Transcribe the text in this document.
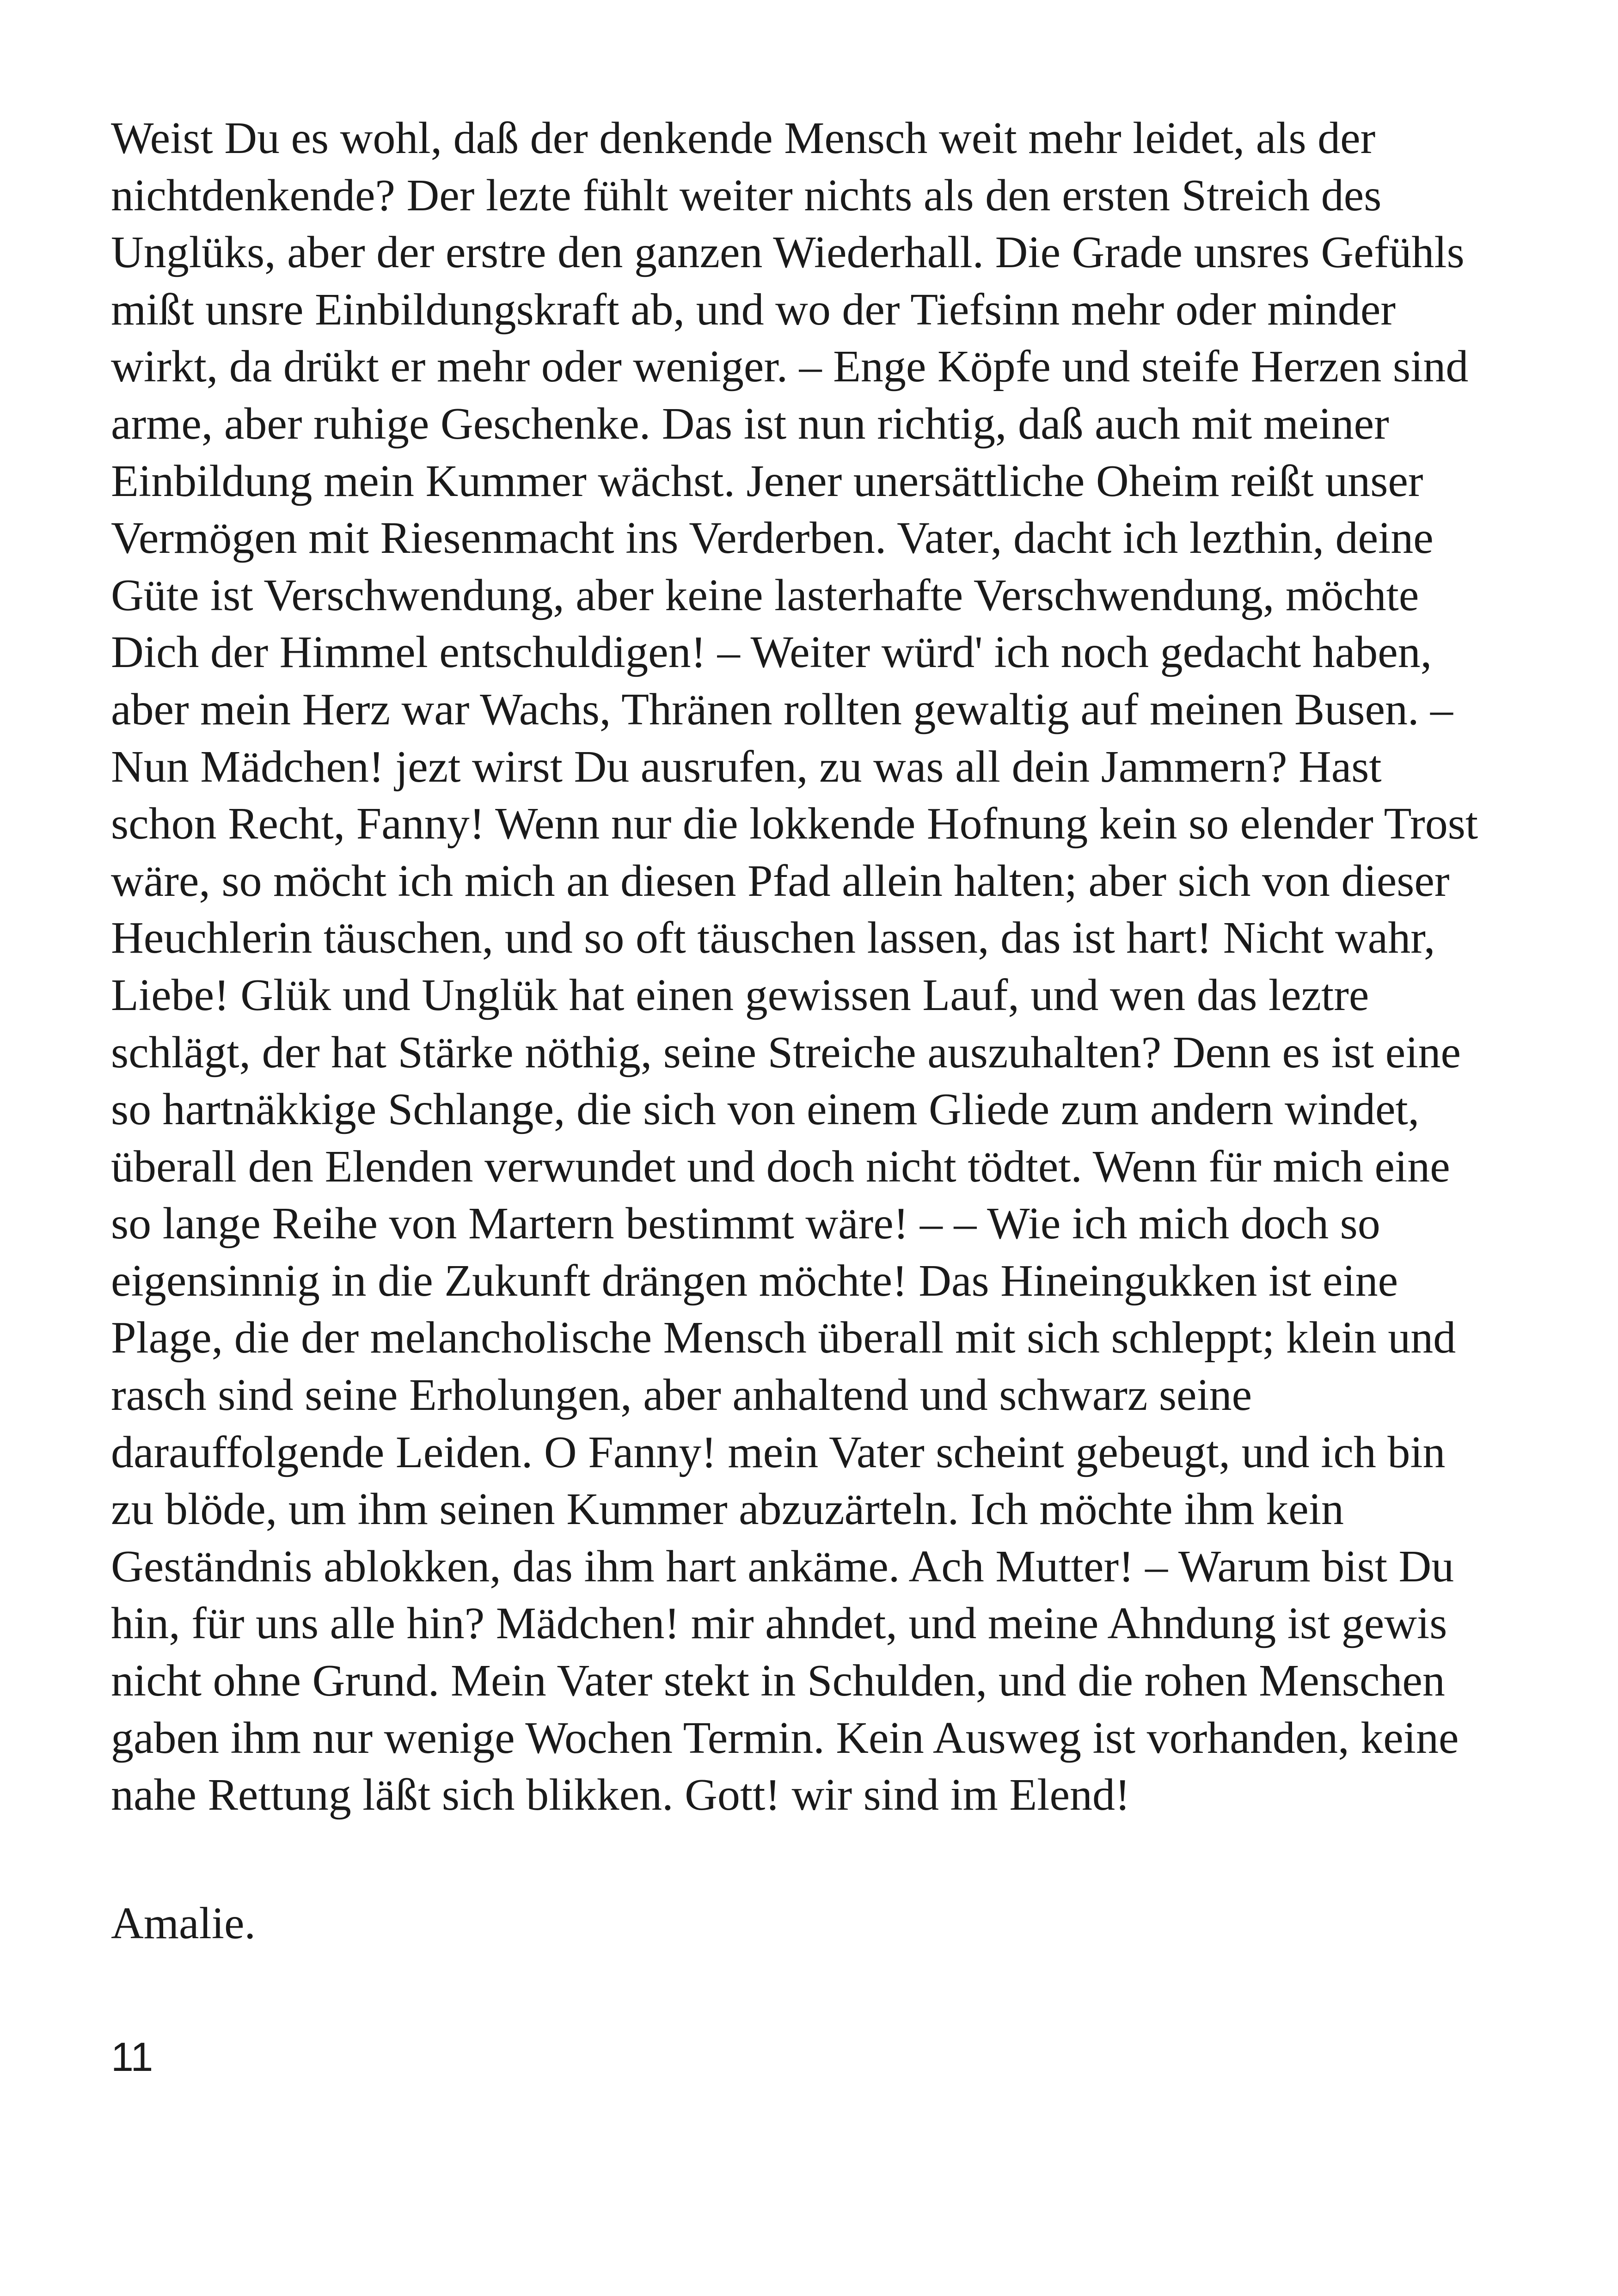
Weist Du es wohl, daß der denkende Mensch weit mehr leidet, als der
nichtdenkende? Der lezte fühlt weiter nichts als den ersten Streich des
Unglüks, aber der erstre den ganzen Wiederhall. Die Grade unsres Gefühls
mißt unsre Einbildungskraft ab, und wo der Tiefsinn mehr oder minder
wirkt, da drükt er mehr oder weniger. – Enge Köpfe und steife Herzen sind
arme, aber ruhige Geschenke. Das ist nun richtig, daß auch mit meiner
Einbildung mein Kummer wächst. Jener unersättliche Oheim reißt unser
Vermögen mit Riesenmacht ins Verderben. Vater, dacht ich lezthin, deine
Güte ist Verschwendung, aber keine lasterhafte Verschwendung, möchte
Dich der Himmel entschuldigen! – Weiter würd' ich noch gedacht haben,
aber mein Herz war Wachs, Thränen rollten gewaltig auf meinen Busen. –
Nun Mädchen! jezt wirst Du ausrufen, zu was all dein Jammern? Hast
schon Recht, Fanny! Wenn nur die lokkende Hofnung kein so elender Trost
wäre, so möcht ich mich an diesen Pfad allein halten; aber sich von dieser
Heuchlerin täuschen, und so oft täuschen lassen, das ist hart! Nicht wahr,
Liebe! Glük und Unglük hat einen gewissen Lauf, und wen das leztre
schlägt, der hat Stärke nöthig, seine Streiche auszuhalten? Denn es ist eine
so hartnäkkige Schlange, die sich von einem Gliede zum andern windet,
überall den Elenden verwundet und doch nicht tödtet. Wenn für mich eine
so lange Reihe von Martern bestimmt wäre! – – Wie ich mich doch so
eigensinnig in die Zukunft drängen möchte! Das Hineingukken ist eine
Plage, die der melancholische Mensch überall mit sich schleppt; klein und
rasch sind seine Erholungen, aber anhaltend und schwarz seine
darauffolgende Leiden. O Fanny! mein Vater scheint gebeugt, und ich bin
zu blöde, um ihm seinen Kummer abzuzärteln. Ich möchte ihm kein
Geständnis ablokken, das ihm hart ankäme. Ach Mutter! – Warum bist Du
hin, für uns alle hin? Mädchen! mir ahndet, und meine Ahndung ist gewis
nicht ohne Grund. Mein Vater stekt in Schulden, und die rohen Menschen
gaben ihm nur wenige Wochen Termin. Kein Ausweg ist vorhanden, keine
nahe Rettung läßt sich blikken. Gott! wir sind im Elend!

Amalie.

11
